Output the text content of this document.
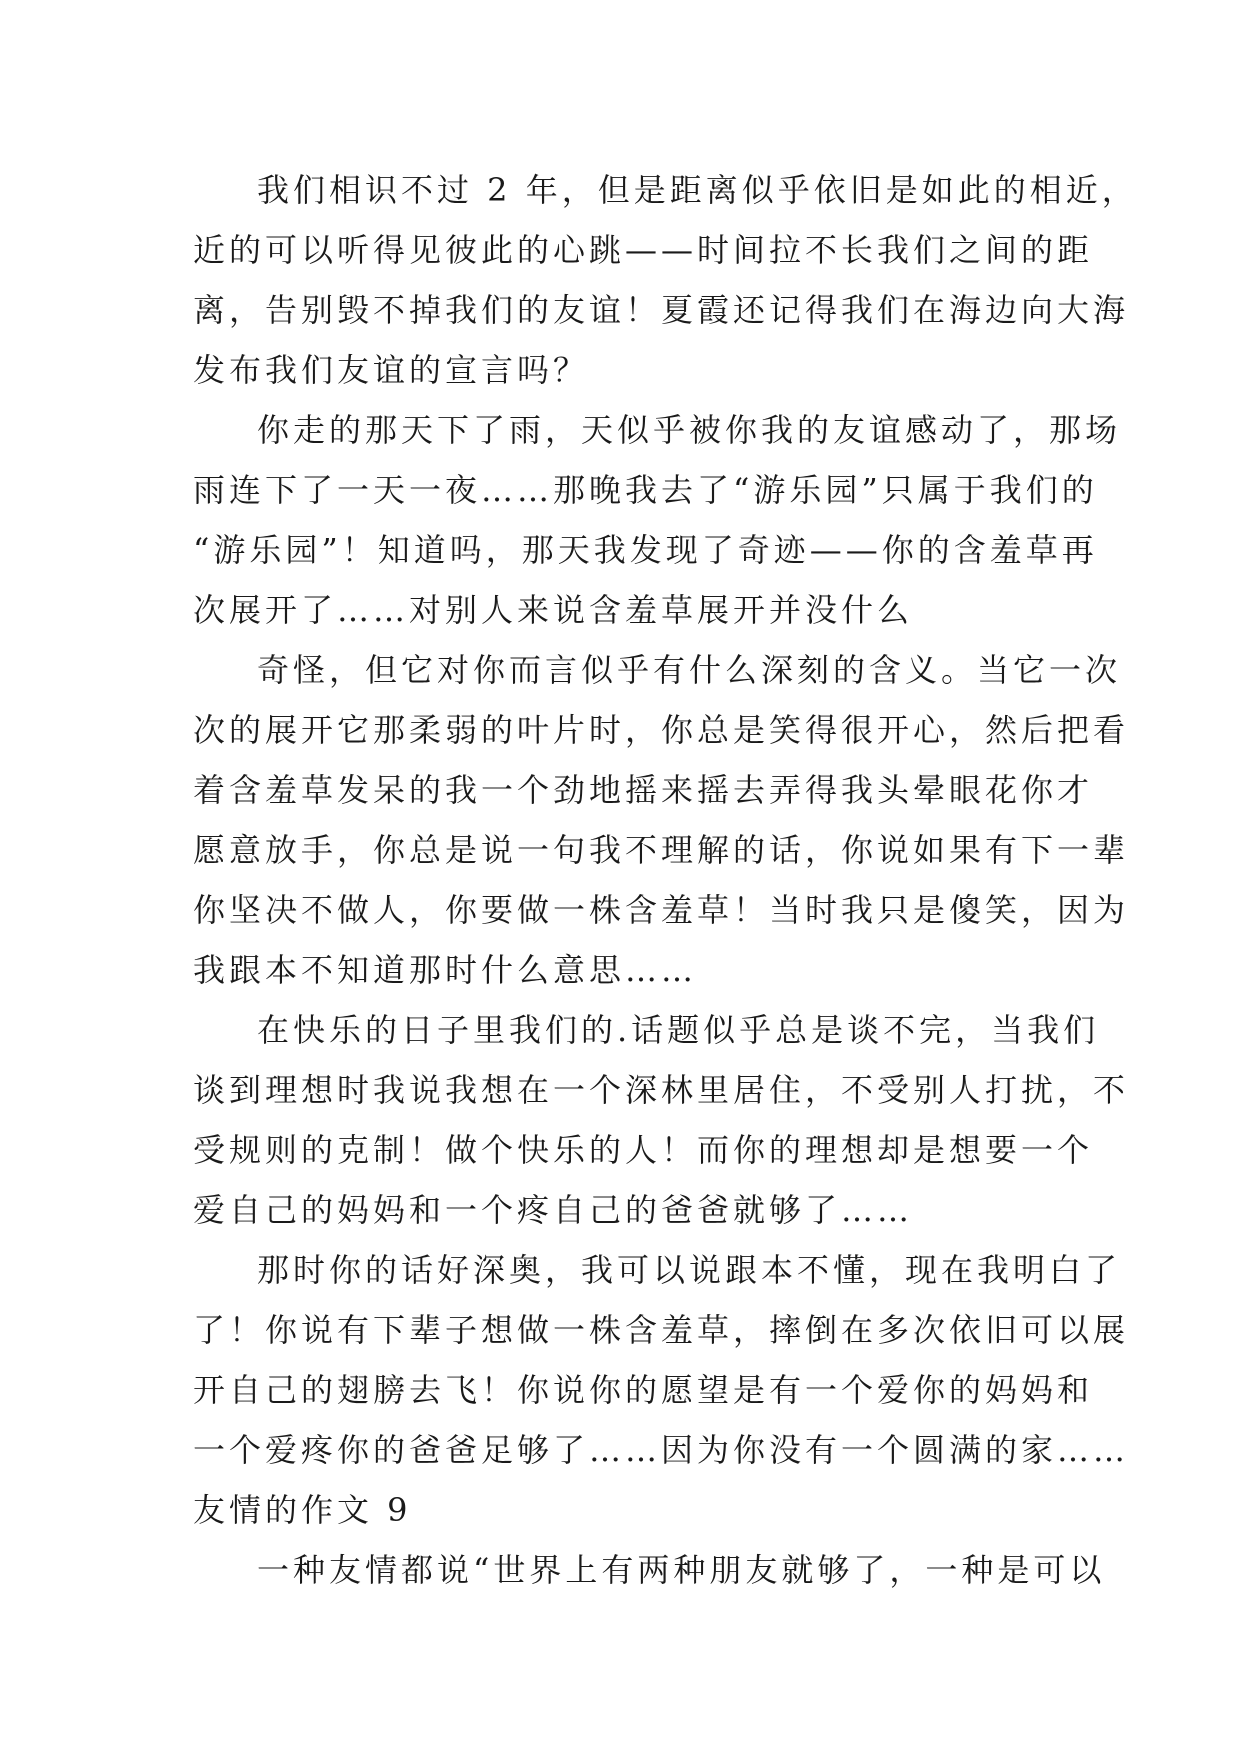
我们相识不过 2 年，但是距离似乎依旧是如此的相近，
近的可以听得见彼此的心跳——时间拉不长我们之间的距
离，告别毁不掉我们的友谊！夏霞还记得我们在海边向大海
发布我们友谊的宣言吗？
你走的那天下了雨，天似乎被你我的友谊感动了，那场
雨连下了一天一夜……那晚我去了“游乐园”只属于我们的
“游乐园”！知道吗，那天我发现了奇迹——你的含羞草再
次展开了……对别人来说含羞草展开并没什么
奇怪，但它对你而言似乎有什么深刻的含义。当它一次
次的展开它那柔弱的叶片时，你总是笑得很开心，然后把看
着含羞草发呆的我一个劲地摇来摇去弄得我头晕眼花你才
愿意放手，你总是说一句我不理解的话，你说如果有下一辈
你坚决不做人，你要做一株含羞草！当时我只是傻笑，因为
我跟本不知道那时什么意思……
在快乐的日子里我们的.话题似乎总是谈不完，当我们
谈到理想时我说我想在一个深林里居住，不受别人打扰，不
受规则的克制！做个快乐的人！而你的理想却是想要一个
爱自己的妈妈和一个疼自己的爸爸就够了……
那时你的话好深奥，我可以说跟本不懂，现在我明白了
了！你说有下辈子想做一株含羞草，摔倒在多次依旧可以展
开自己的翅膀去飞！你说你的愿望是有一个爱你的妈妈和
一个爱疼你的爸爸足够了……因为你没有一个圆满的家……
友情的作文 9
一种友情都说“世界上有两种朋友就够了，一种是可以
